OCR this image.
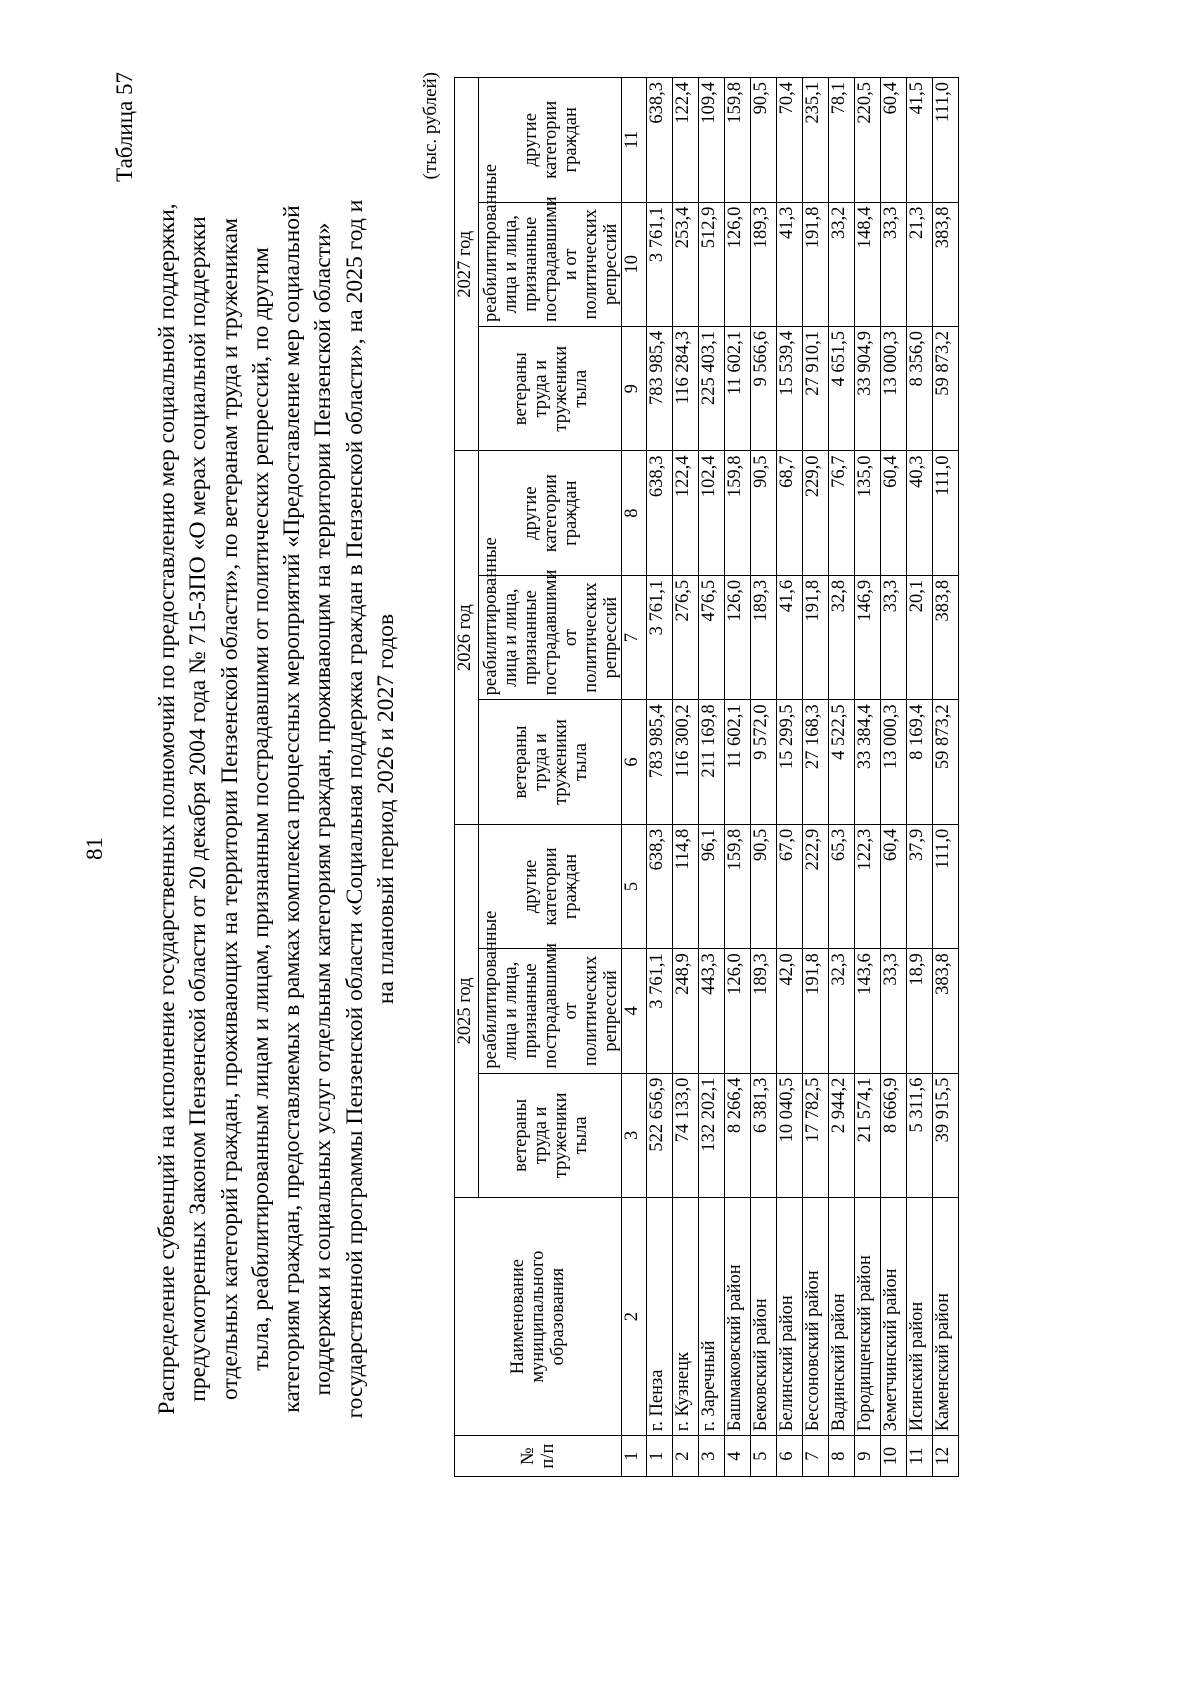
81
Таблица 57
Распределение субвенций на исполнение государственных полномочий по предоставлению мер социальной поддержки, предусмотренных Законом Пензенской области от 20 декабря 2004 года № 715-ЗПО «О мерах социальной поддержки отдельных категорий граждан, проживающих на территории Пензенской области», по ветеранам труда и труженикам тыла, реабилитированным лицам и лицам, признанным пострадавшими от политических репрессий, по другим категориям граждан, предоставляемых в рамках комплекса процессных мероприятий «Предоставление мер социальной поддержки и социальных услуг отдельным категориям граждан, проживающим на территории Пензенской области» государственной программы Пензенской области «Социальная поддержка граждан в Пензенской области», на 2025 год и на плановый период 2026 и 2027 годов
(тыс. рублей)
№ п/п	Наименование муниципального образования	2025 год			2026 год			2027 год		
		ветераны труда и труженики тыла	реабилитированные лица и лица, признанные пострадавшими от политических репрессий	другие категории граждан	ветераны труда и труженики тыла	реабилитированные лица и лица, признанные пострадавшими от политических репрессий	другие категории граждан	ветераны труда и труженики тыла	реабилитированные лица и лица, признанные пострадавшими и от политических репрессий	другие категории граждан
1	2	3	4	5	6	7	8	9	10	11
1	г. Пенза	522 656,9	3 761,1	638,3	783 985,4	3 761,1	638,3	783 985,4	3 761,1	638,3
2	г. Кузнецк	74 133,0	248,9	114,8	116 300,2	276,5	122,4	116 284,3	253,4	122,4
3	г. Заречный	132 202,1	443,3	96,1	211 169,8	476,5	102,4	225 403,1	512,9	109,4
4	Башмаковский район	8 266,4	126,0	159,8	11 602,1	126,0	159,8	11 602,1	126,0	159,8
5	Бековский район	6 381,3	189,3	90,5	9 572,0	189,3	90,5	9 566,6	189,3	90,5
6	Белинский район	10 040,5	42,0	67,0	15 299,5	41,6	68,7	15 539,4	41,3	70,4
7	Бессоновский район	17 782,5	191,8	222,9	27 168,3	191,8	229,0	27 910,1	191,8	235,1
8	Вадинский район	2 944,2	32,3	65,3	4 522,5	32,8	76,7	4 651,5	33,2	78,1
9	Городищенский район	21 574,1	143,6	122,3	33 384,4	146,9	135,0	33 904,9	148,4	220,5
10	Земетчинский район	8 666,9	33,3	60,4	13 000,3	33,3	60,4	13 000,3	33,3	60,4
11	Исинский район	5 311,6	18,9	37,9	8 169,4	20,1	40,3	8 356,0	21,3	41,5
12	Каменский район	39 915,5	383,8	111,0	59 873,2	383,8	111,0	59 873,2	383,8	111,0
